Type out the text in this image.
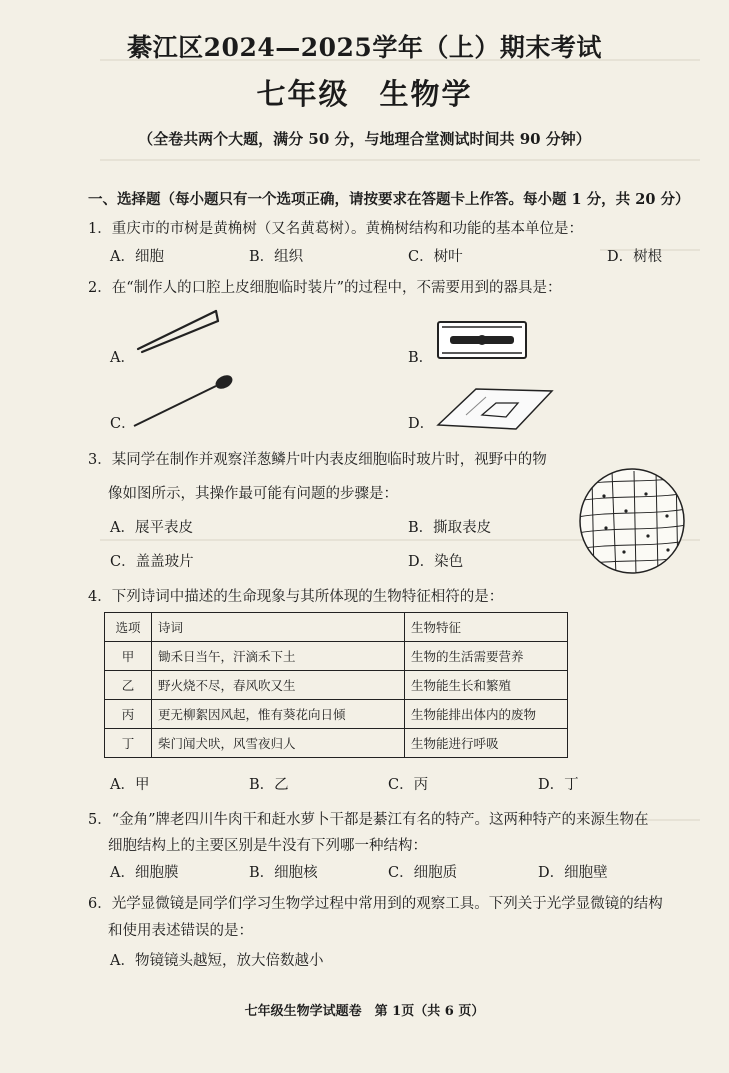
綦江区2024—2025学年（上）期末考试
七年级 生物学
（全卷共两个大题，满分 50 分，与地理合堂测试时间共 90 分钟）
一、选择题（每小题只有一个选项正确，请按要求在答题卡上作答。每小题 1 分，共 20 分）
1．重庆市的市树是黄桷树（又名黄葛树）。黄桷树结构和功能的基本单位是：
A．细胞	B．组织	C．树叶	D．树根
2．在“制作人的口腔上皮细胞临时装片”的过程中，不需要用到的器具是：
A．	B．
C．	D．
3．某同学在制作并观察洋葱鳞片叶内表皮细胞临时玻片时，视野中的物
像如图所示，其操作最可能有问题的步骤是：
A．展平表皮	B．撕取表皮
C．盖盖玻片	D．染色
4．下列诗词中描述的生命现象与其所体现的生物特征相符的是：
选项	诗词	生物特征
甲	锄禾日当午，汗滴禾下土	生物的生活需要营养
乙	野火烧不尽，春风吹又生	生物能生长和繁殖
丙	更无柳絮因风起，惟有葵花向日倾	生物能排出体内的废物
丁	柴门闻犬吠，风雪夜归人	生物能进行呼吸
A．甲	B．乙	C．丙	D．丁
5．“金角”牌老四川牛肉干和赶水萝卜干都是綦江有名的特产。这两种特产的来源生物在
细胞结构上的主要区别是牛没有下列哪一种结构：
A．细胞膜	B．细胞核	C．细胞质	D．细胞壁
6．光学显微镜是同学们学习生物学过程中常用到的观察工具。下列关于光学显微镜的结构
和使用表述错误的是：
A．物镜镜头越短，放大倍数越小
七年级生物学试题卷　第 1页（共 6 页）
